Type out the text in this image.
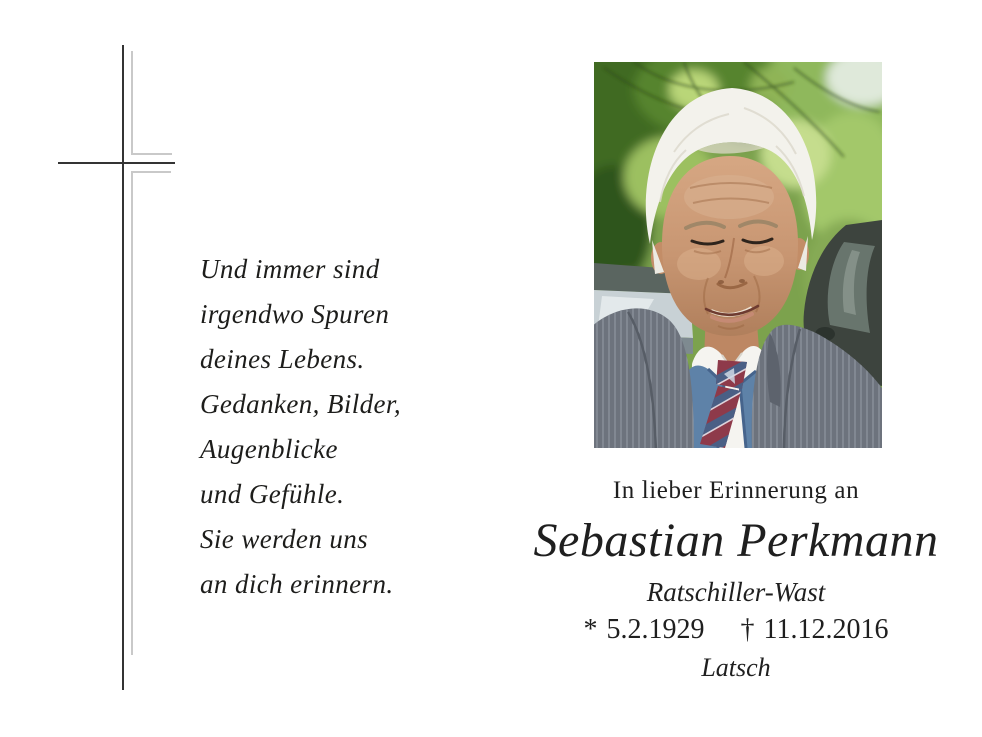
Und immer sind
irgendwo Spuren
deines Lebens.
Gedanken, Bilder,
Augenblicke
und Gefühle.
Sie werden uns
an dich erinnern.
In lieber Erinnerung an
Sebastian Perkmann
Ratschiller-Wast
* 5.2.1929 † 11.12.2016
Latsch
